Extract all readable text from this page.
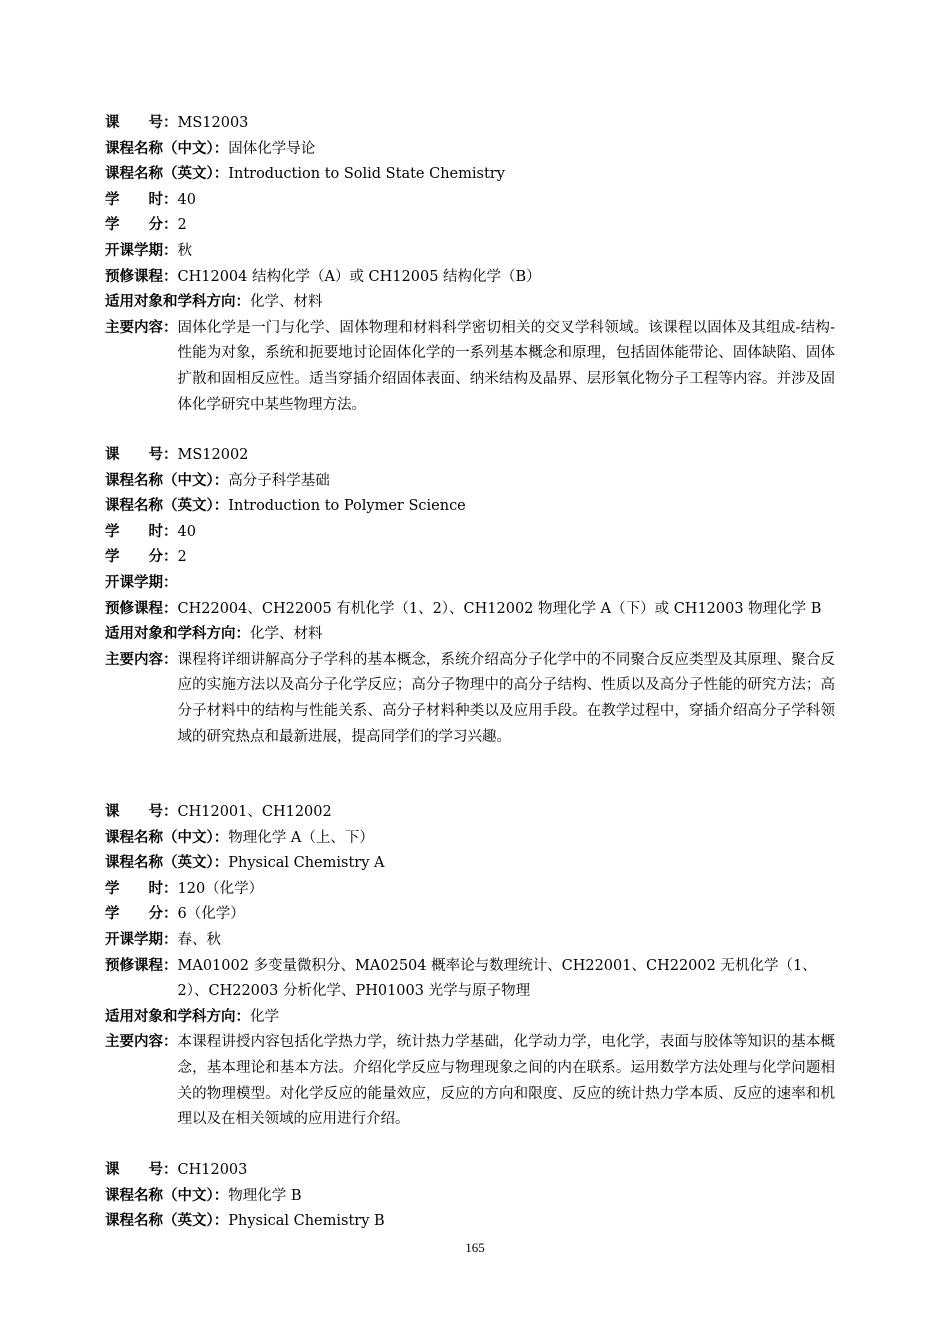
课　　号： MS12003
课程名称（中文）： 固体化学导论
课程名称（英文）： Introduction to Solid State Chemistry
学　　时： 40
学　　分： 2
开课学期： 秋
预修课程： CH12004 结构化学（A）或 CH12005 结构化学（B）
适用对象和学科方向： 化学、材料
主要内容： 固体化学是一门与化学、固体物理和材料科学密切相关的交叉学科领域。该课程以固体及其组成-结构-性能为对象，系统和扼要地讨论固体化学的一系列基本概念和原理，包括固体能带论、固体缺陷、固体扩散和固相反应性。适当穿插介绍固体表面、纳米结构及晶界、层形氧化物分子工程等内容。并涉及固体化学研究中某些物理方法。
课　　号： MS12002
课程名称（中文）： 高分子科学基础
课程名称（英文）： Introduction to Polymer Science
学　　时： 40
学　　分： 2
开课学期：
预修课程： CH22004、CH22005 有机化学（1、2）、CH12002 物理化学 A（下）或 CH12003 物理化学 B
适用对象和学科方向： 化学、材料
主要内容： 课程将详细讲解高分子学科的基本概念，系统介绍高分子化学中的不同聚合反应类型及其原理、聚合反应的实施方法以及高分子化学反应；高分子物理中的高分子结构、性质以及高分子性能的研究方法；高分子材料中的结构与性能关系、高分子材料种类以及应用手段。在教学过程中，穿插介绍高分子学科领域的研究热点和最新进展，提高同学们的学习兴趣。
课　　号： CH12001、CH12002
课程名称（中文）： 物理化学 A（上、下）
课程名称（英文）： Physical Chemistry A
学　　时： 120（化学）
学　　分： 6（化学）
开课学期： 春、秋
预修课程： MA01002 多变量微积分、MA02504 概率论与数理统计、CH22001、CH22002 无机化学（1、2）、CH22003 分析化学、PH01003 光学与原子物理
适用对象和学科方向： 化学
主要内容： 本课程讲授内容包括化学热力学，统计热力学基础，化学动力学，电化学，表面与胶体等知识的基本概念，基本理论和基本方法。介绍化学反应与物理现象之间的内在联系。运用数学方法处理与化学问题相关的物理模型。对化学反应的能量效应，反应的方向和限度、反应的统计热力学本质、反应的速率和机理以及在相关领域的应用进行介绍。
课　　号： CH12003
课程名称（中文）： 物理化学 B
课程名称（英文）： Physical Chemistry B
165
